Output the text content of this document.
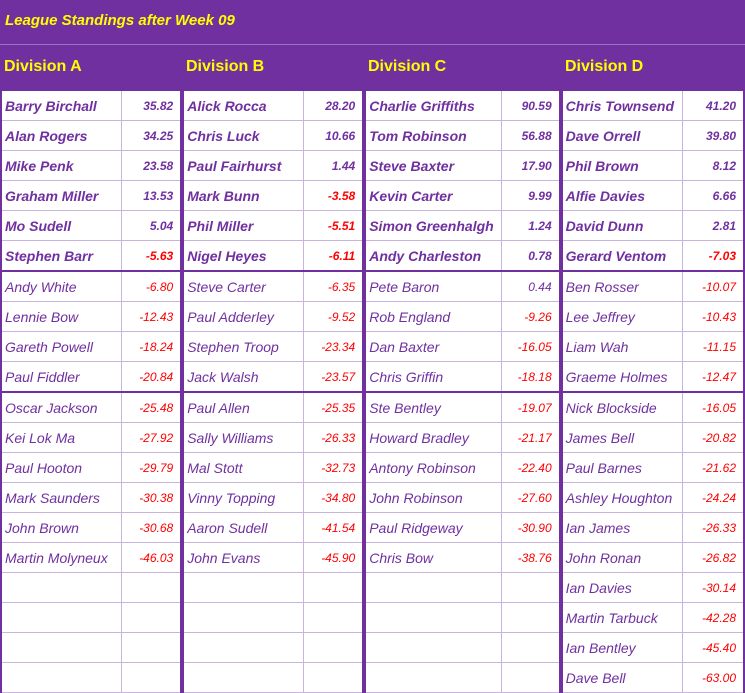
League Standings after Week 09
Division A	Division B	Division C	Division D
Barry Birchall	35.82		Alick Rocca	28.20		Charlie Griffiths	90.59		Chris Townsend	41.20
Alan Rogers	34.25		Chris Luck	10.66		Tom Robinson	56.88		Dave Orrell	39.80
Mike Penk	23.58		Paul Fairhurst	1.44		Steve Baxter	17.90		Phil Brown	8.12
Graham Miller	13.53		Mark Bunn	-3.58		Kevin Carter	9.99		Alfie Davies	6.66
Mo Sudell	5.04		Phil Miller	-5.51		Simon Greenhalgh	1.24		David Dunn	2.81
Stephen Barr	-5.63		Nigel Heyes	-6.11		Andy Charleston	0.78		Gerard Ventom	-7.03
Andy White	-6.80		Steve Carter	-6.35		Pete Baron	0.44		Ben Rosser	-10.07
Lennie Bow	-12.43		Paul Adderley	-9.52		Rob England	-9.26		Lee Jeffrey	-10.43
Gareth Powell	-18.24		Stephen Troop	-23.34		Dan Baxter	-16.05		Liam Wah	-11.15
Paul Fiddler	-20.84		Jack Walsh	-23.57		Chris Griffin	-18.18		Graeme Holmes	-12.47
Oscar Jackson	-25.48		Paul Allen	-25.35		Ste Bentley	-19.07		Nick Blockside	-16.05
Kei Lok Ma	-27.92		Sally Williams	-26.33		Howard Bradley	-21.17		James Bell	-20.82
Paul Hooton	-29.79		Mal Stott	-32.73		Antony Robinson	-22.40		Paul Barnes	-21.62
Mark Saunders	-30.38		Vinny Topping	-34.80		John Robinson	-27.60		Ashley Houghton	-24.24
John Brown	-30.68		Aaron Sudell	-41.54		Paul Ridgeway	-30.90		Ian James	-26.33
Martin Molyneux	-46.03		John Evans	-45.90		Chris Bow	-38.76		John Ronan	-26.82
									Ian Davies	-30.14
									Martin Tarbuck	-42.28
									Ian Bentley	-45.40
									Dave Bell	-63.00
